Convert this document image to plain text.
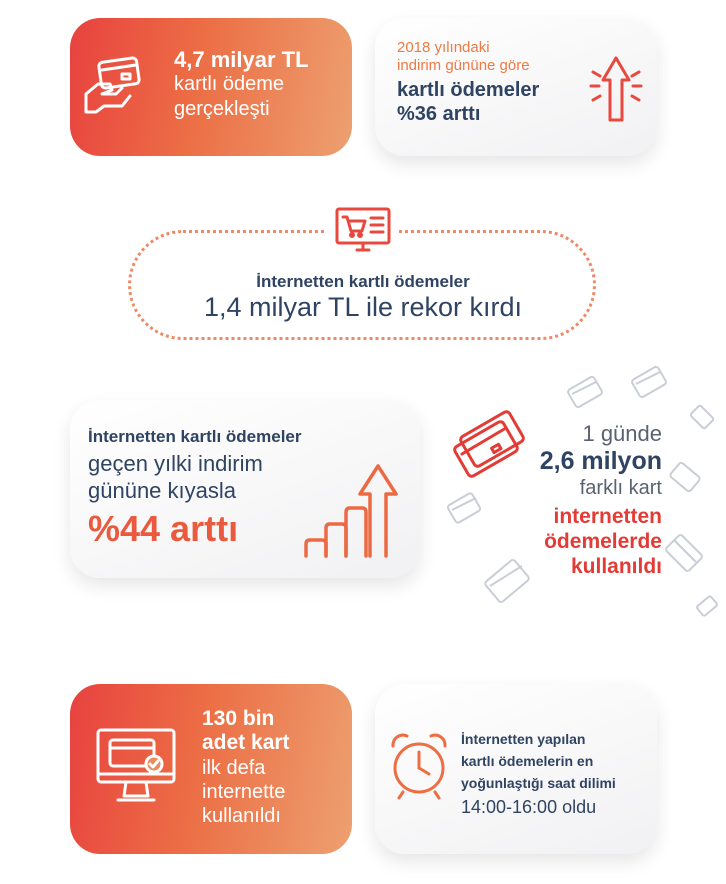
4,7 milyar TL
kartlı ödeme
gerçekleşti
2018 yılındaki
indirim gününe göre
kartlı ödemeler
%36 arttı
İnternetten kartlı ödemeler
1,4 milyar TL ile rekor kırdı
İnternetten kartlı ödemeler
geçen yılki indirim
gününe kıyasla
%44 arttı
1 günde
2,6 milyon
farklı kart
internetten
ödemelerde
kullanıldı
130 bin
adet kart
ilk defa
internette
kullanıldı
İnternetten yapılan
kartlı ödemelerin en
yoğunlaştığı saat dilimi
14:00-16:00 oldu
